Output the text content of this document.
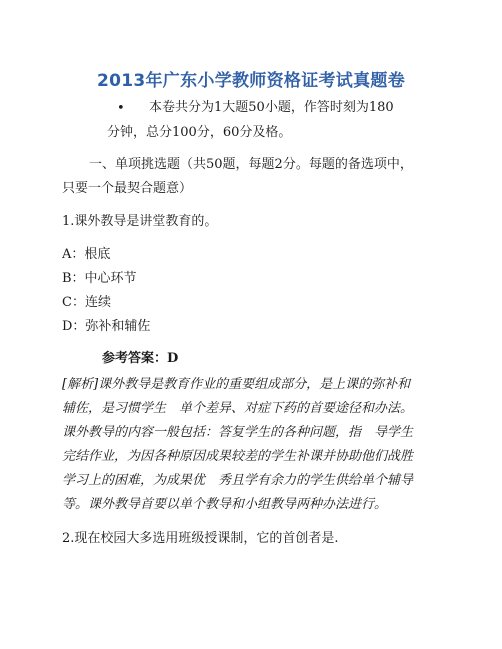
2013年广东小学教师资格证考试真题卷
• 本卷共分为1大题50小题，作答时刻为180
分钟，总分100分，60分及格。
一、单项挑选题（共50题，每题2分。每题的备选项中，
只要一个最契合题意）
1.课外教导是讲堂教育的。
A：根底
B：中心环节
C：连续
D：弥补和辅佐
参考答案：D
[解析]课外教导是教育作业的重要组成部分，是上课的弥补和
辅佐，是习惯学生　单个差异、对症下药的首要途径和办法。
课外教导的内容一般包括：答复学生的各种问题，指　导学生
完结作业，为因各种原因成果较差的学生补课并协助他们战胜
学习上的困难，为成果优　秀且学有余力的学生供给单个辅导
等。课外教导首要以单个教导和小组教导两种办法进行。
2.现在校园大多选用班级授课制，它的首创者是.
